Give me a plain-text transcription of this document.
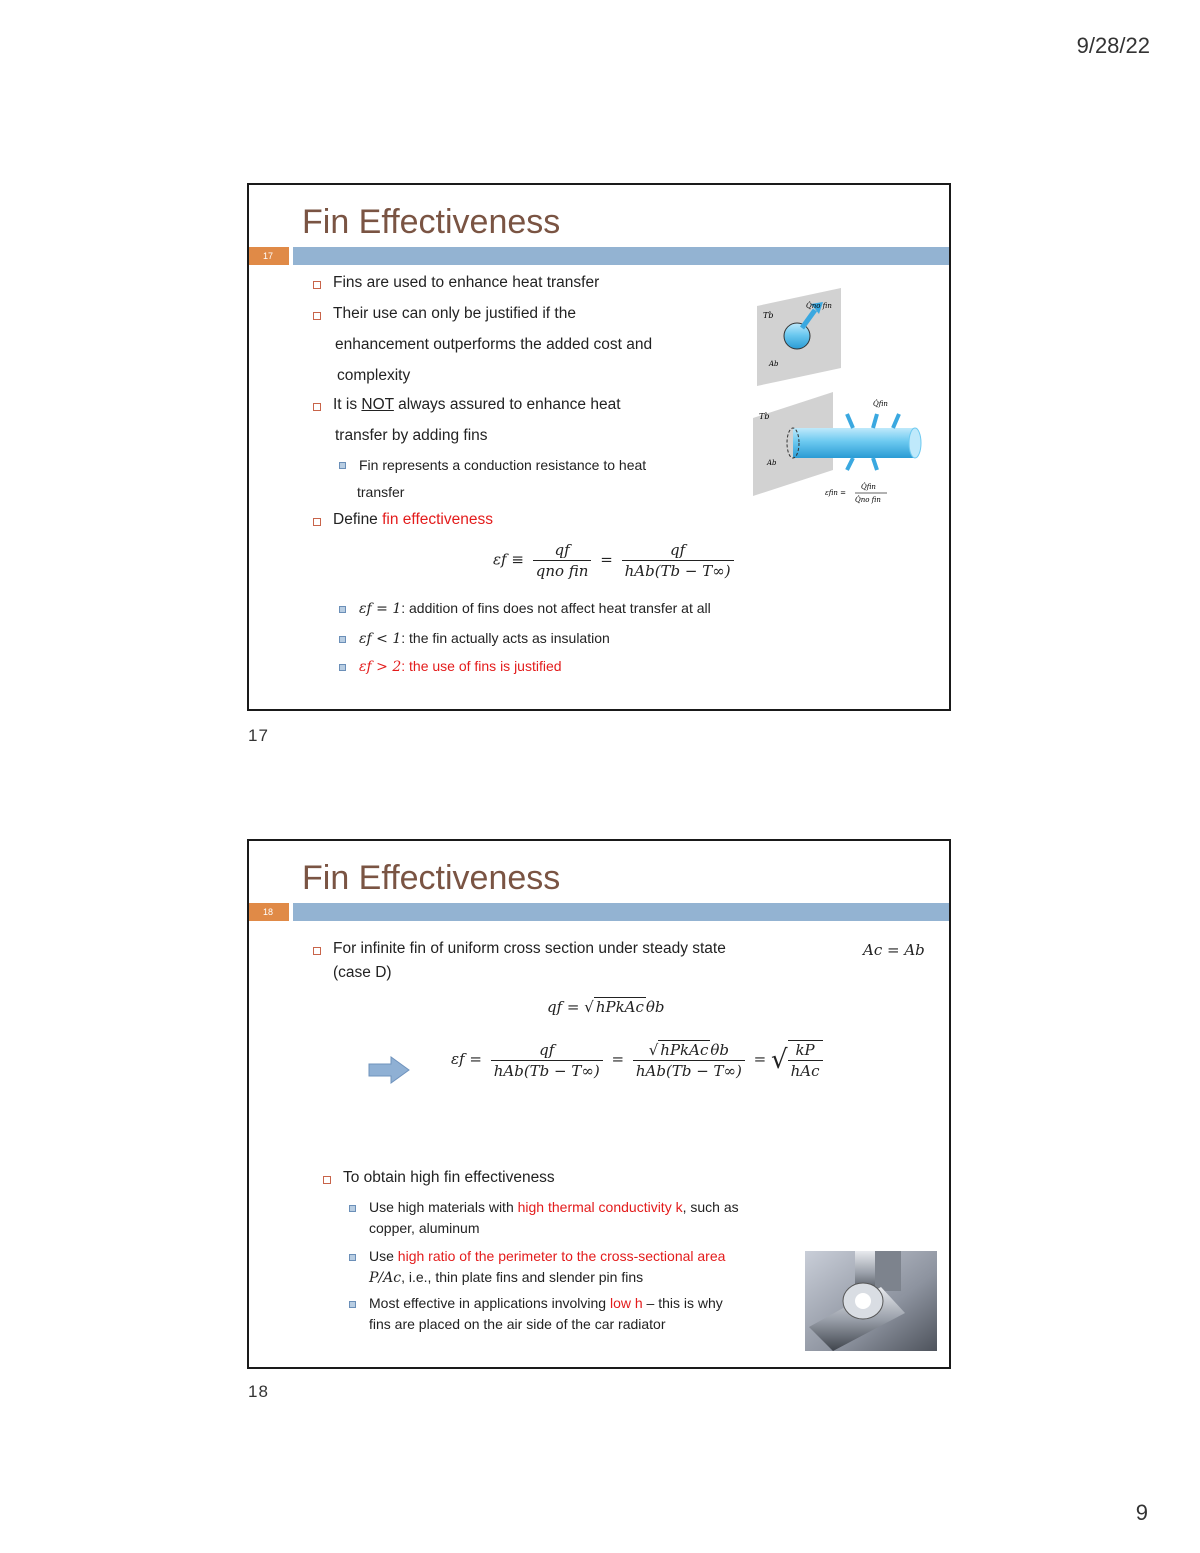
9/28/22
Fin Effectiveness
17
Fins are used to enhance heat transfer
Their use can only be justified if the
enhancement outperforms the added cost and
complexity
It is NOT always assured to enhance heat
transfer by adding fins
Fin represents a conduction resistance to heat
transfer
Define fin effectiveness
$\varepsilon f \equiv \frac{qf}{\text{qno fin}} = \frac{qf}{\text{hAb(Tb − T∞)}}$
εf = 1: addition of fins does not affect heat transfer at all
εf < 1: the fin actually acts as insulation
εf > 2: the use of fins is justified
Tb
Ab
Q̇no fin
Tb
Ab
Q̇fin
εfin =
Q̇fin
Q̇no fin
17
Fin Effectiveness
18
For infinite fin of uniform cross section under steady state
(case D)
Ac = Ab
qf = √ hPkAc θb
$\varepsilon f = \frac{qf}{\text{hAb(Tb − T∞)}} = \frac{\text{√ hPkAc θb}}{\text{hAb(Tb − T∞)}}$ = √ $\frac{kP}{\text{hAc}}$
To obtain high fin effectiveness
Use high materials with high thermal conductivity k, such as
copper, aluminum
Use high ratio of the perimeter to the cross-sectional area
P/Ac, i.e., thin plate fins and slender pin fins
Most effective in applications involving low h – this is why
fins are placed on the air side of the car radiator
18
9
